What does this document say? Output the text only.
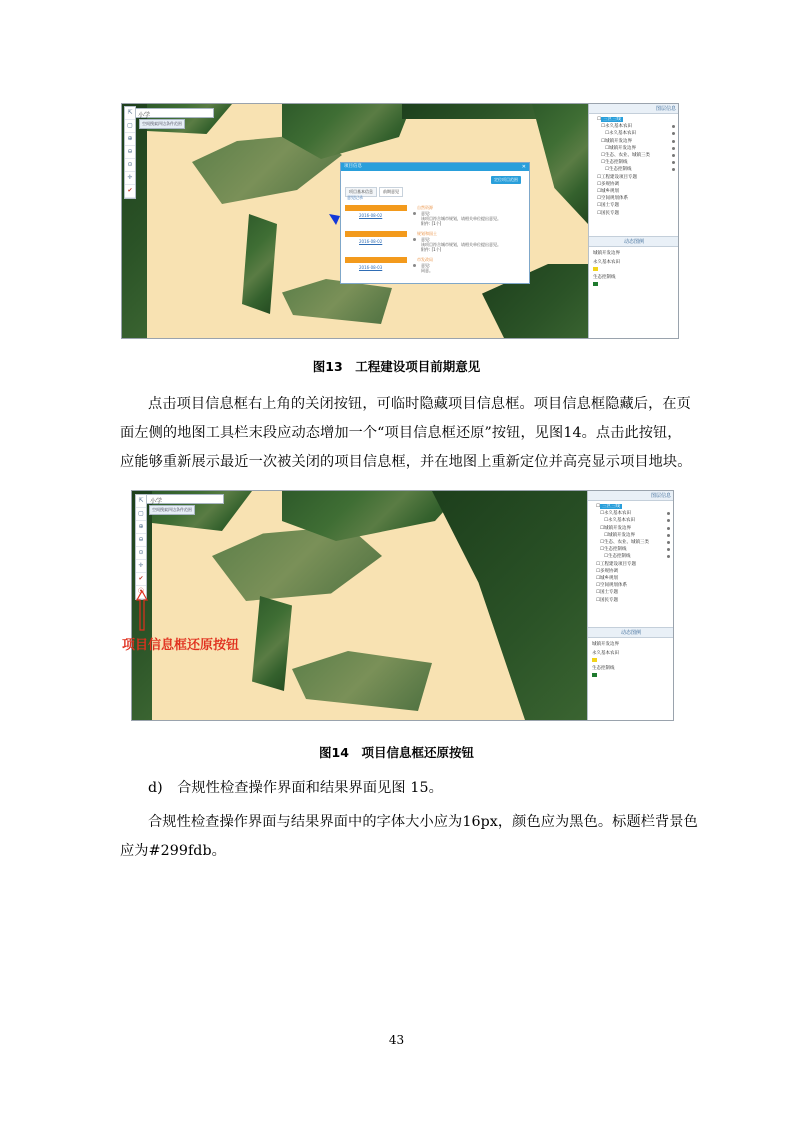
小学
空间搜索四边条件范围
⇱
▢
⊕
⊖
⊙
✛
✔
项目信息	✕
定位项目范围
项目基本信息	前期意见
意见记录
2016-08-02
自然资源
意见:
该项目符合城市规划，请相关单位提出意见。
附件: [1个]
2016-08-02
规划和国土
意见:
该项目符合城市规划，请相关单位提出意见。
附件: [1个]
2016-08-03
市发改局
意见:
同意。
图层信息
☐ 三区三线
☐永久基本农田
☐永久基本农田
☐城镇开发边界
☐城镇开发边界
☐生态、农业、城镇三类
☐生态控制线
☐生态控制线
☐工程建设项目专题
☐多规协调
☐城乡规划
☐空间规划体系
☐国土专题
☐国民专题
动态图例
城镇开发边界
永久基本农田
生态控制线
图13　工程建设项目前期意见
点击项目信息框右上角的关闭按钮，可临时隐藏项目信息框。项目信息框隐藏后，在页
面左侧的地图工具栏末段应动态增加一个“项目信息框还原”按钮，见图14。点击此按钮，
应能够重新展示最近一次被关闭的项目信息框，并在地图上重新定位并高亮显示项目地块。
小学
空间搜索四边条件范围
⇱
▢
⊕
⊖
⊙
✛
✔
⦿
图层信息
☐ 三区三线
☐永久基本农田
☐永久基本农田
☐城镇开发边界
☐城镇开发边界
☐生态、农业、城镇三类
☐生态控制线
☐生态控制线
☐工程建设项目专题
☐多规协调
☐城乡规划
☐空间规划体系
☐国土专题
☐国民专题
动态图例
城镇开发边界
永久基本农田
生态控制线
项目信息框还原按钮
图14　项目信息框还原按钮
d)　合规性检查操作界面和结果界面见图 15。
合规性检查操作界面与结果界面中的字体大小应为16px，颜色应为黑色。标题栏背景色
应为#299fdb。
43
